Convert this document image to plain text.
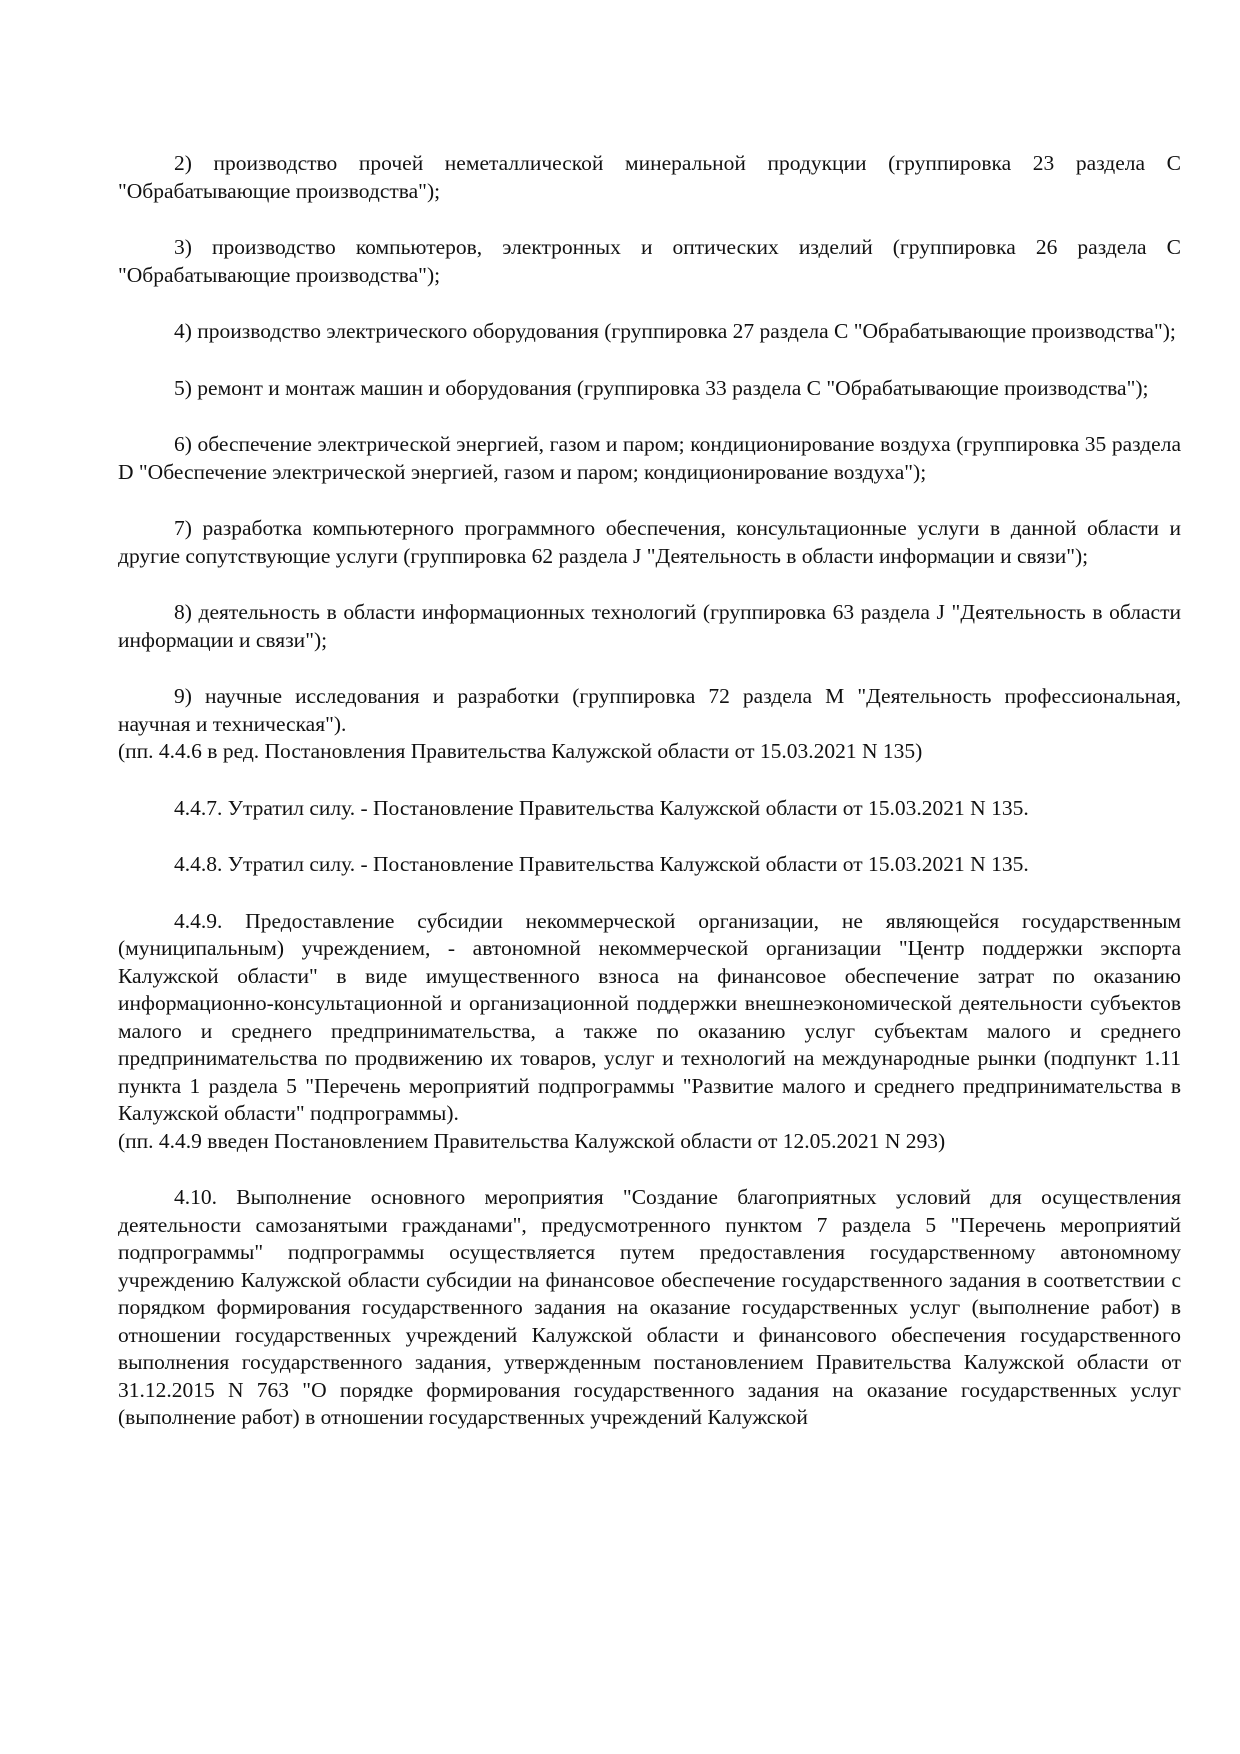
2) производство прочей неметаллической минеральной продукции (группировка 23 раздела C "Обрабатывающие производства");

3) производство компьютеров, электронных и оптических изделий (группировка 26 раздела C "Обрабатывающие производства");

4) производство электрического оборудования (группировка 27 раздела C "Обрабатывающие производства");

5) ремонт и монтаж машин и оборудования (группировка 33 раздела C "Обрабатывающие производства");

6) обеспечение электрической энергией, газом и паром; кондиционирование воздуха (группировка 35 раздела D "Обеспечение электрической энергией, газом и паром; кондиционирование воздуха");

7) разработка компьютерного программного обеспечения, консультационные услуги в данной области и другие сопутствующие услуги (группировка 62 раздела J "Деятельность в области информации и связи");

8) деятельность в области информационных технологий (группировка 63 раздела J "Деятельность в области информации и связи");

9) научные исследования и разработки (группировка 72 раздела M "Деятельность профессиональная, научная и техническая").

(пп. 4.4.6 в ред. Постановления Правительства Калужской области от 15.03.2021 N 135)

4.4.7. Утратил силу. - Постановление Правительства Калужской области от 15.03.2021 N 135.

4.4.8. Утратил силу. - Постановление Правительства Калужской области от 15.03.2021 N 135.

4.4.9. Предоставление субсидии некоммерческой организации, не являющейся государственным (муниципальным) учреждением, - автономной некоммерческой организации "Центр поддержки экспорта Калужской области" в виде имущественного взноса на финансовое обеспечение затрат по оказанию информационно-консультационной и организационной поддержки внешнеэкономической деятельности субъектов малого и среднего предпринимательства, а также по оказанию услуг субъектам малого и среднего предпринимательства по продвижению их товаров, услуг и технологий на международные рынки (подпункт 1.11 пункта 1 раздела 5 "Перечень мероприятий подпрограммы "Развитие малого и среднего предпринимательства в Калужской области" подпрограммы).

(пп. 4.4.9 введен Постановлением Правительства Калужской области от 12.05.2021 N 293)

4.10. Выполнение основного мероприятия "Создание благоприятных условий для осуществления деятельности самозанятыми гражданами", предусмотренного пунктом 7 раздела 5 "Перечень мероприятий подпрограммы" подпрограммы осуществляется путем предоставления государственному автономному учреждению Калужской области субсидии на финансовое обеспечение государственного задания в соответствии с порядком формирования государственного задания на оказание государственных услуг (выполнение работ) в отношении государственных учреждений Калужской области и финансового обеспечения государственного выполнения государственного задания, утвержденным постановлением Правительства Калужской области от 31.12.2015 N 763 "О порядке формирования государственного задания на оказание государственных услуг (выполнение работ) в отношении государственных учреждений Калужской
